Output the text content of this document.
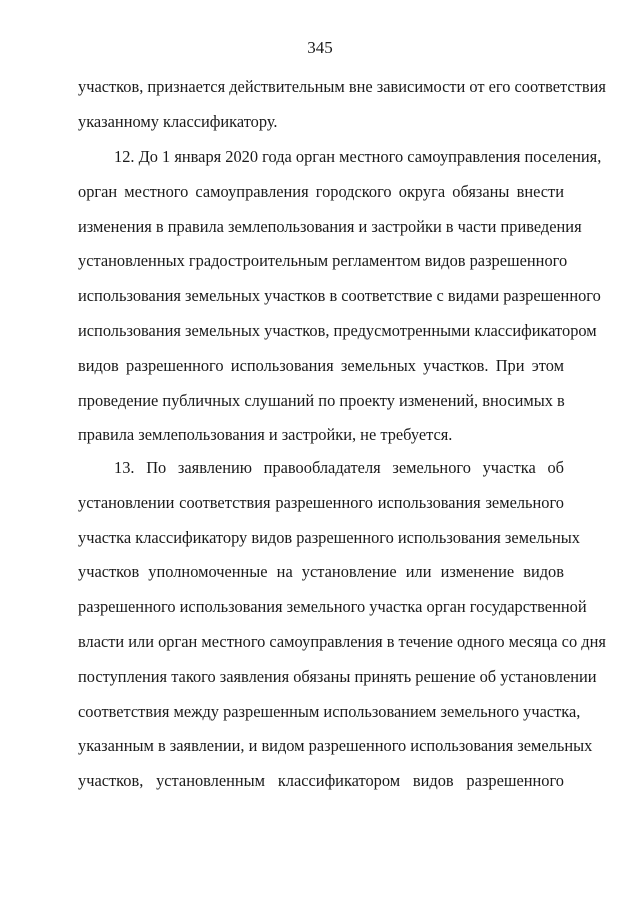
345
участков, признается действительным вне зависимости от его соответствия
указанному классификатору.
12. До 1 января 2020 года орган местного самоуправления поселения,
орган местного самоуправления городского округа обязаны внести
изменения в правила землепользования и застройки в части приведения
установленных градостроительным регламентом видов разрешенного
использования земельных участков в соответствие с видами разрешенного
использования земельных участков, предусмотренными классификатором
видов разрешенного использования земельных участков. При этом
проведение публичных слушаний по проекту изменений, вносимых в
правила землепользования и застройки, не требуется.
13. По заявлению правообладателя земельного участка об
установлении соответствия разрешенного использования земельного
участка классификатору видов разрешенного использования земельных
участков уполномоченные на установление или изменение видов
разрешенного использования земельного участка орган государственной
власти или орган местного самоуправления в течение одного месяца со дня
поступления такого заявления обязаны принять решение об установлении
соответствия между разрешенным использованием земельного участка,
указанным в заявлении, и видом разрешенного использования земельных
участков, установленным классификатором видов разрешенного
